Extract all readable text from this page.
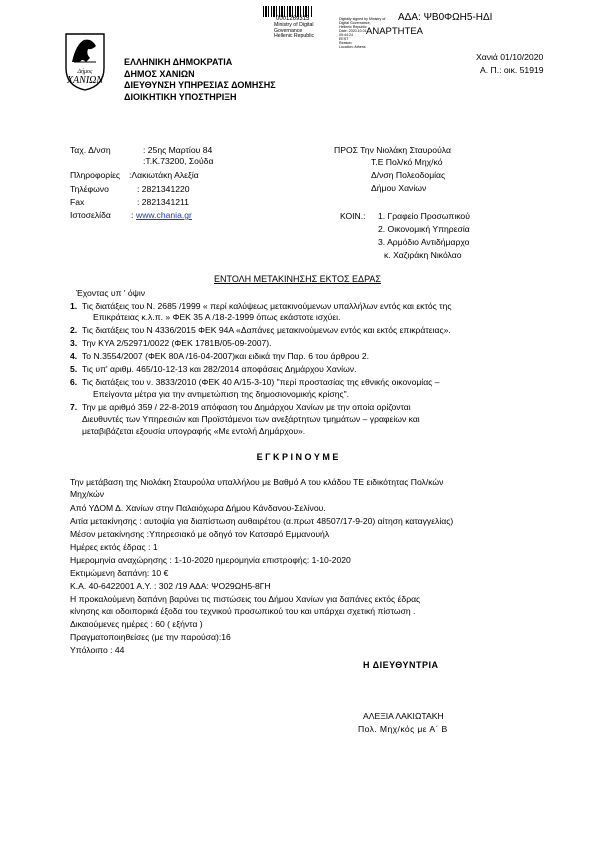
0001269315
Ministry of Digital
Governance
Hellenic Republic
Digitally signed by Ministry of
Digital Governance,
Hellenic Republic
Date: 2020.10.01
09:44:24
EEST
Reason:
Location: Athens
ΑΔΑ: ΨΒ0ΦΩΗ5-ΗΔΙ
ΑΝΑΡΤΗΤΕΑ
Δήμος
ΧΑΝΙΩΝ
ΕΛΛΗΝΙΚΗ ΔΗΜΟΚΡΑΤΙΑ
ΔΗΜΟΣ ΧΑΝΙΩΝ
ΔΙΕΥΘΥΝΣΗ ΥΠΗΡΕΣΙΑΣ ΔΟΜΗΣΗΣ
ΔΙΟΙΚΗΤΙΚΗ ΥΠΟΣΤΗΡΙΞΗ
Χανιά 01/10/2020
Α. Π.: οικ. 51919
Ταχ. Δ/νση	: 25ης Μαρτίου 84
:Τ.Κ.73200, Σούδα
Πληροφορίες :Λακιωτάκη Αλεξία
Τηλέφωνο	: 2821341220
Fax	: 2821341211
Ιστοσελίδα : www.chania.gr
ΠΡΟΣ Την Νιολάκη Σταυρούλα
Τ.Ε Πολ/κό Μηχ/κό
Δ/νση Πολεοδομίας
Δήμου Χανίων
ΚΟΙΝ.: 1. Γραφείο Προσωπικού
2. Οικονομική Υπηρεσία
3. Αρμόδιο Αντιδήμαρχο
κ. Χαζιράκη Νικόλαο
ΕΝΤΟΛΗ ΜΕΤΑΚΙΝΗΣΗΣ ΕΚΤΟΣ ΕΔΡΑΣ
Έχοντας υπ ' όψιν
1. Τις διατάξεις του Ν. 2685 /1999 « περί καλύψεως μετακινούμενων υπαλλήλων εντός και εκτός της
Επικράτειας κ.λ.π. » ΦΕΚ 35 Α /18-2-1999 όπως εκάστοτε ισχύει.
2. Τις διατάξεις του Ν 4336/2015 ΦΕΚ 94Α «Δαπάνες μετακινούμενων εντός και εκτός επικράτειας».
3. Την ΚΥΑ 2/52971/0022 (ΦΕΚ 1781Β/05-09-2007).
4. Το Ν.3554/2007 (ΦΕΚ 80Α /16-04-2007)και ειδικά την Παρ. 6 του άρθρου 2.
5. Τις υπ' αριθμ. 465/10-12-13 και 282/2014 αποφάσεις Δημάρχου Χανίων.
6. Τις διατάξεις του ν. 3833/2010 (ΦΕΚ 40 Α/15-3-10) "περί προστασίας της εθνικής οικονομίας –
Επείγοντα μέτρα για την αντιμετώπιση της δημοσιονομικής κρίσης".
7. Την με αριθμό 359 / 22-8-2019 απόφαση του Δημάρχου Χανίων με την οποία ορίζονται
Διευθυντές των Υπηρεσιών και Προϊστάμενοι των ανεξάρτητων τμημάτων – γραφείων και
μεταβιβάζεται εξουσία υπογραφής «Με εντολή Δημάρχου».
Ε Γ Κ Ρ Ι Ν Ο Υ Μ Ε
Την μετάβαση της Νιολάκη Σταυρούλα υπαλλήλου με Βαθμό Α του κλάδου ΤΕ ειδικότητας Πολ/κών
Μηχ/κών
Από ΥΔΟΜ Δ. Χανίων στην Παλαιόχωρα Δήμου Κάνδανου-Σελίνου.
Αιτία μετακίνησης : αυτοψία για διαπίστωση αυθαιρέτου (α.πρωτ 48507/17-9-20) αίτηση καταγγελίας)
Μέσον μετακίνησης :Υπηρεσιακό με οδηγό τον Κατσαρό Εμμανουήλ
Ημέρες εκτός έδρας : 1
Ημερομηνία αναχώρησης : 1-10-2020 ημερομηνία επιστροφής: 1-10-2020
Εκτιμώμενη δαπάνη: 10 €
Κ.Α. 40-6422001 Α.Υ. : 302 /19 ΑΔΑ: ΨΟ29ΩΗ5-8ΓΗ
Η προκαλούμενη δαπάνη βαρύνει τις πιστώσεις του Δήμου Χανίων για δαπάνες εκτός έδρας
κίνησης και οδοιπορικά έξοδα του τεχνικού προσωπικού του και υπάρχει σχετική πίστωση .
Δικαιούμενες ημέρες : 60 ( εξήντα )
Πραγματοποιηθείσες (με την παρούσα):16
Υπόλοιπο : 44
Η ΔΙΕΥΘΥΝΤΡΙΑ
ΑΛΕΞΙΑ ΛΑΚΙΩΤΑΚΗ
Πολ. Μηχ/κός με Α΄ Β
